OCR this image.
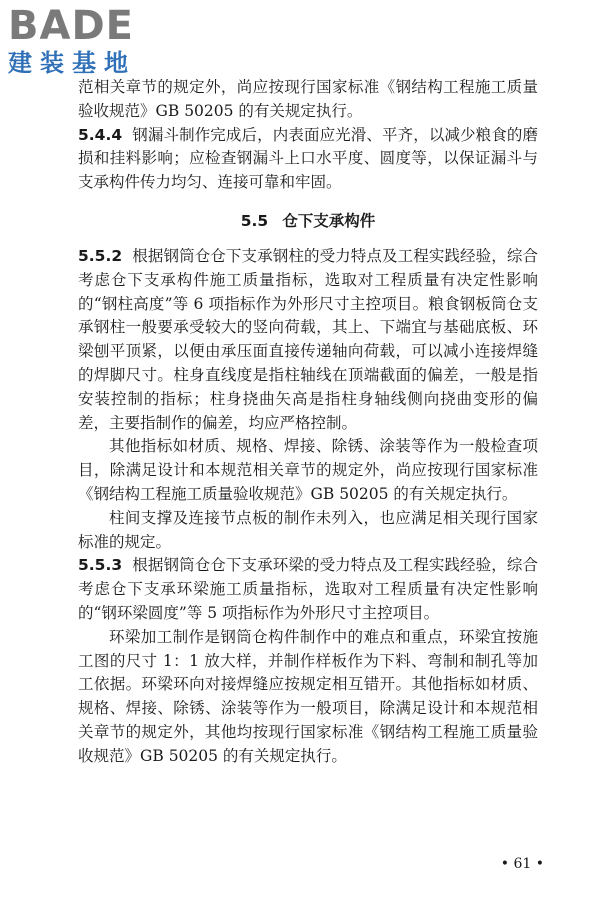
BADE
建装基地

范相关章节的规定外，尚应按现行国家标准《钢结构工程施工质量验收规范》GB 50205 的有关规定执行。

5.4.4 钢漏斗制作完成后，内表面应光滑、平齐，以减少粮食的磨损和挂料影响；应检查钢漏斗上口水平度、圆度等，以保证漏斗与支承构件传力均匀、连接可靠和牢固。

5.5 仓下支承构件

5.5.2 根据钢筒仓仓下支承钢柱的受力特点及工程实践经验，综合考虑仓下支承构件施工质量指标，选取对工程质量有决定性影响的“钢柱高度”等 6 项指标作为外形尺寸主控项目。粮食钢板筒仓支承钢柱一般要承受较大的竖向荷载，其上、下端宜与基础底板、环梁刨平顶紧，以便由承压面直接传递轴向荷载，可以减小连接焊缝的焊脚尺寸。柱身直线度是指柱轴线在顶端截面的偏差，一般是指安装控制的指标；柱身挠曲矢高是指柱身轴线侧向挠曲变形的偏差，主要指制作的偏差，均应严格控制。

其他指标如材质、规格、焊接、除锈、涂装等作为一般检查项目，除满足设计和本规范相关章节的规定外，尚应按现行国家标准《钢结构工程施工质量验收规范》GB 50205 的有关规定执行。

柱间支撑及连接节点板的制作未列入，也应满足相关现行国家标准的规定。

5.5.3 根据钢筒仓仓下支承环梁的受力特点及工程实践经验，综合考虑仓下支承环梁施工质量指标，选取对工程质量有决定性影响的“钢环梁圆度”等 5 项指标作为外形尺寸主控项目。

环梁加工制作是钢筒仓构件制作中的难点和重点，环梁宜按施工图的尺寸 1：1 放大样，并制作样板作为下料、弯制和制孔等加工依据。环梁环向对接焊缝应按规定相互错开。其他指标如材质、规格、焊接、除锈、涂装等作为一般项目，除满足设计和本规范相关章节的规定外，其他均按现行国家标准《钢结构工程施工质量验收规范》GB 50205 的有关规定执行。

• 61 •
